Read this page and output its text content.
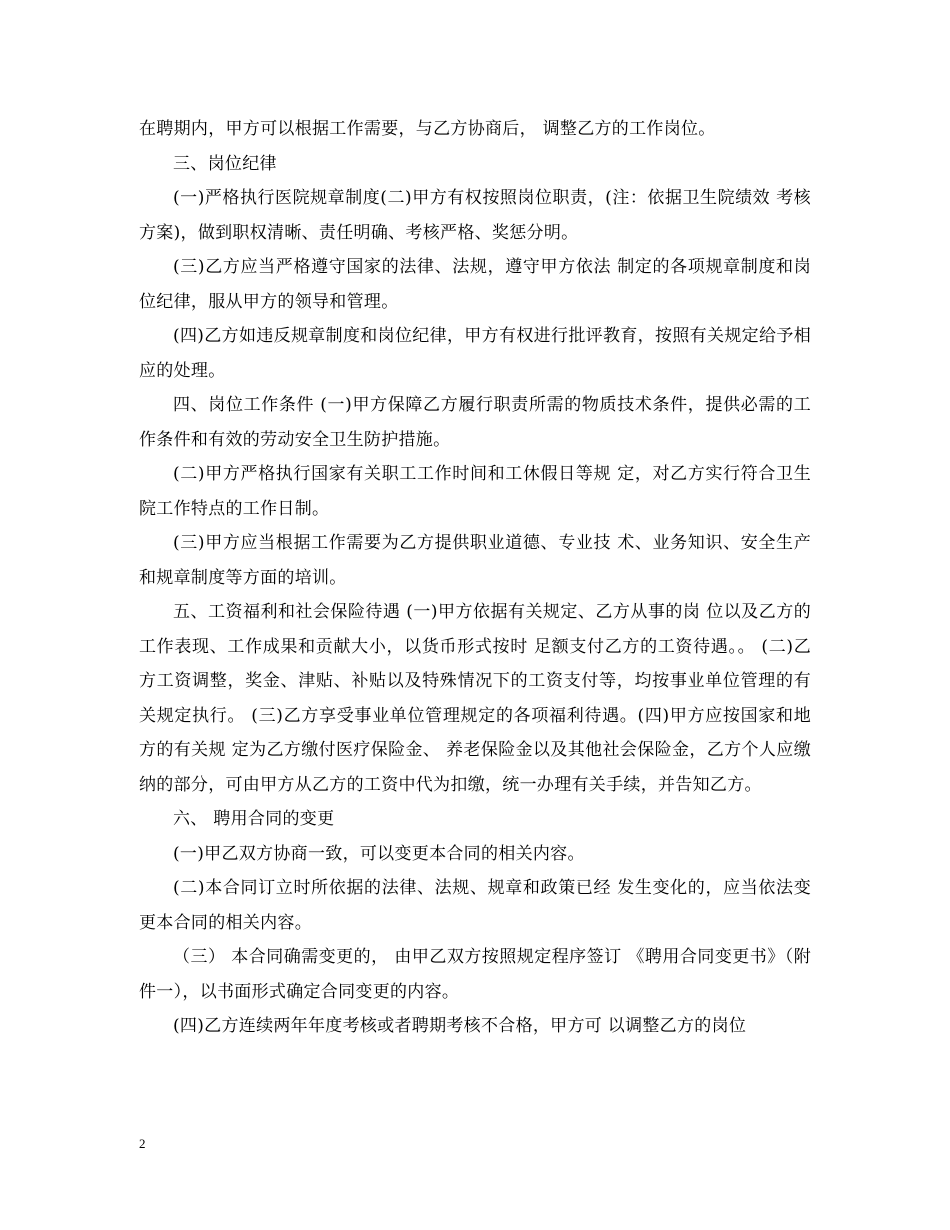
在聘期内，甲方可以根据工作需要，与乙方协商后， 调整乙方的工作岗位。

三、岗位纪律

(一)严格执行医院规章制度(二)甲方有权按照岗位职责，(注：依据卫生院绩效 考核方案)，做到职权清晰、责任明确、考核严格、奖惩分明。

(三)乙方应当严格遵守国家的法律、法规，遵守甲方依法 制定的各项规章制度和岗位纪律，服从甲方的领导和管理。

(四)乙方如违反规章制度和岗位纪律，甲方有权进行批评教育，按照有关规定给予相应的处理。

四、岗位工作条件 (一)甲方保障乙方履行职责所需的物质技术条件，提供必需的工作条件和有效的劳动安全卫生防护措施。

(二)甲方严格执行国家有关职工工作时间和工休假日等规 定，对乙方实行符合卫生院工作特点的工作日制。

(三)甲方应当根据工作需要为乙方提供职业道德、专业技 术、业务知识、安全生产和规章制度等方面的培训。

五、工资福利和社会保险待遇 (一)甲方依据有关规定、乙方从事的岗 位以及乙方的工作表现、工作成果和贡献大小，以货币形式按时 足额支付乙方的工资待遇。。 (二)乙方工资调整，奖金、津贴、补贴以及特殊情况下的工资支付等，均按事业单位管理的有关规定执行。 (三)乙方享受事业单位管理规定的各项福利待遇。(四)甲方应按国家和地方的有关规 定为乙方缴付医疗保险金、 养老保险金以及其他社会保险金，乙方个人应缴纳的部分，可由甲方从乙方的工资中代为扣缴，统一办理有关手续，并告知乙方。

六、 聘用合同的变更

(一)甲乙双方协商一致，可以变更本合同的相关内容。

(二)本合同订立时所依据的法律、法规、规章和政策已经 发生变化的，应当依法变更本合同的相关内容。

（三） 本合同确需变更的， 由甲乙双方按照规定程序签订 《聘用合同变更书》（附件一），以书面形式确定合同变更的内容。

(四)乙方连续两年年度考核或者聘期考核不合格，甲方可 以调整乙方的岗位

2
